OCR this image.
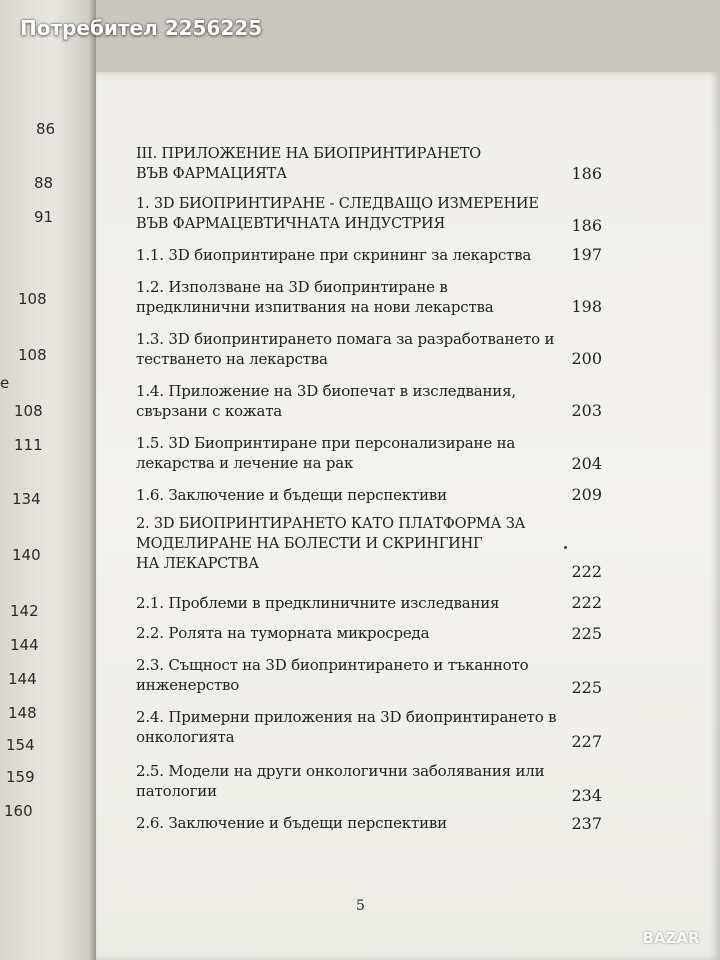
86
88
91
108
108
е
108
111
134
140
142
144
144
148
154
159
160
Потребител 2256225
III. ПРИЛОЖЕНИЕ НА БИОПРИНТИРАНЕТО
ВЪВ ФАРМАЦИЯТА	186
1. 3D БИОПРИНТИРАНЕ - СЛЕДВАЩО ИЗМЕРЕНИЕ
ВЪВ ФАРМАЦЕВТИЧНАТА ИНДУСТРИЯ	186
1.1. 3D биопринтиране при скрининг за лекарства	197
1.2. Използване на 3D биопринтиране в
предклинични изпитвания на нови лекарства	198
1.3. 3D биопринтирането помага за разработването и
тестването на лекарства	200
1.4. Приложение на 3D биопечат в изследвания,
свързани с кожата	203
1.5. 3D Биопринтиране при персонализиране на
лекарства и лечение на рак	204
1.6. Заключение и бъдещи перспективи	209
2. 3D БИОПРИНТИРАНЕТО КАТО ПЛАТФОРМА ЗА
МОДЕЛИРАНЕ НА БОЛЕСТИ И СКРИНГИНГ
НА ЛЕКАРСТВА	222
2.1. Проблеми в предклиничните изследвания	222
2.2. Ролята на туморната микросреда	225
2.3. Същност на 3D биопринтирането и тъканното
инженерство	225
2.4. Примерни приложения на 3D биопринтирането в
онкологията	227
2.5. Модели на други онкологични заболявания или
патологии	234
2.6. Заключение и бъдещи перспективи	237
5
BAZAR
